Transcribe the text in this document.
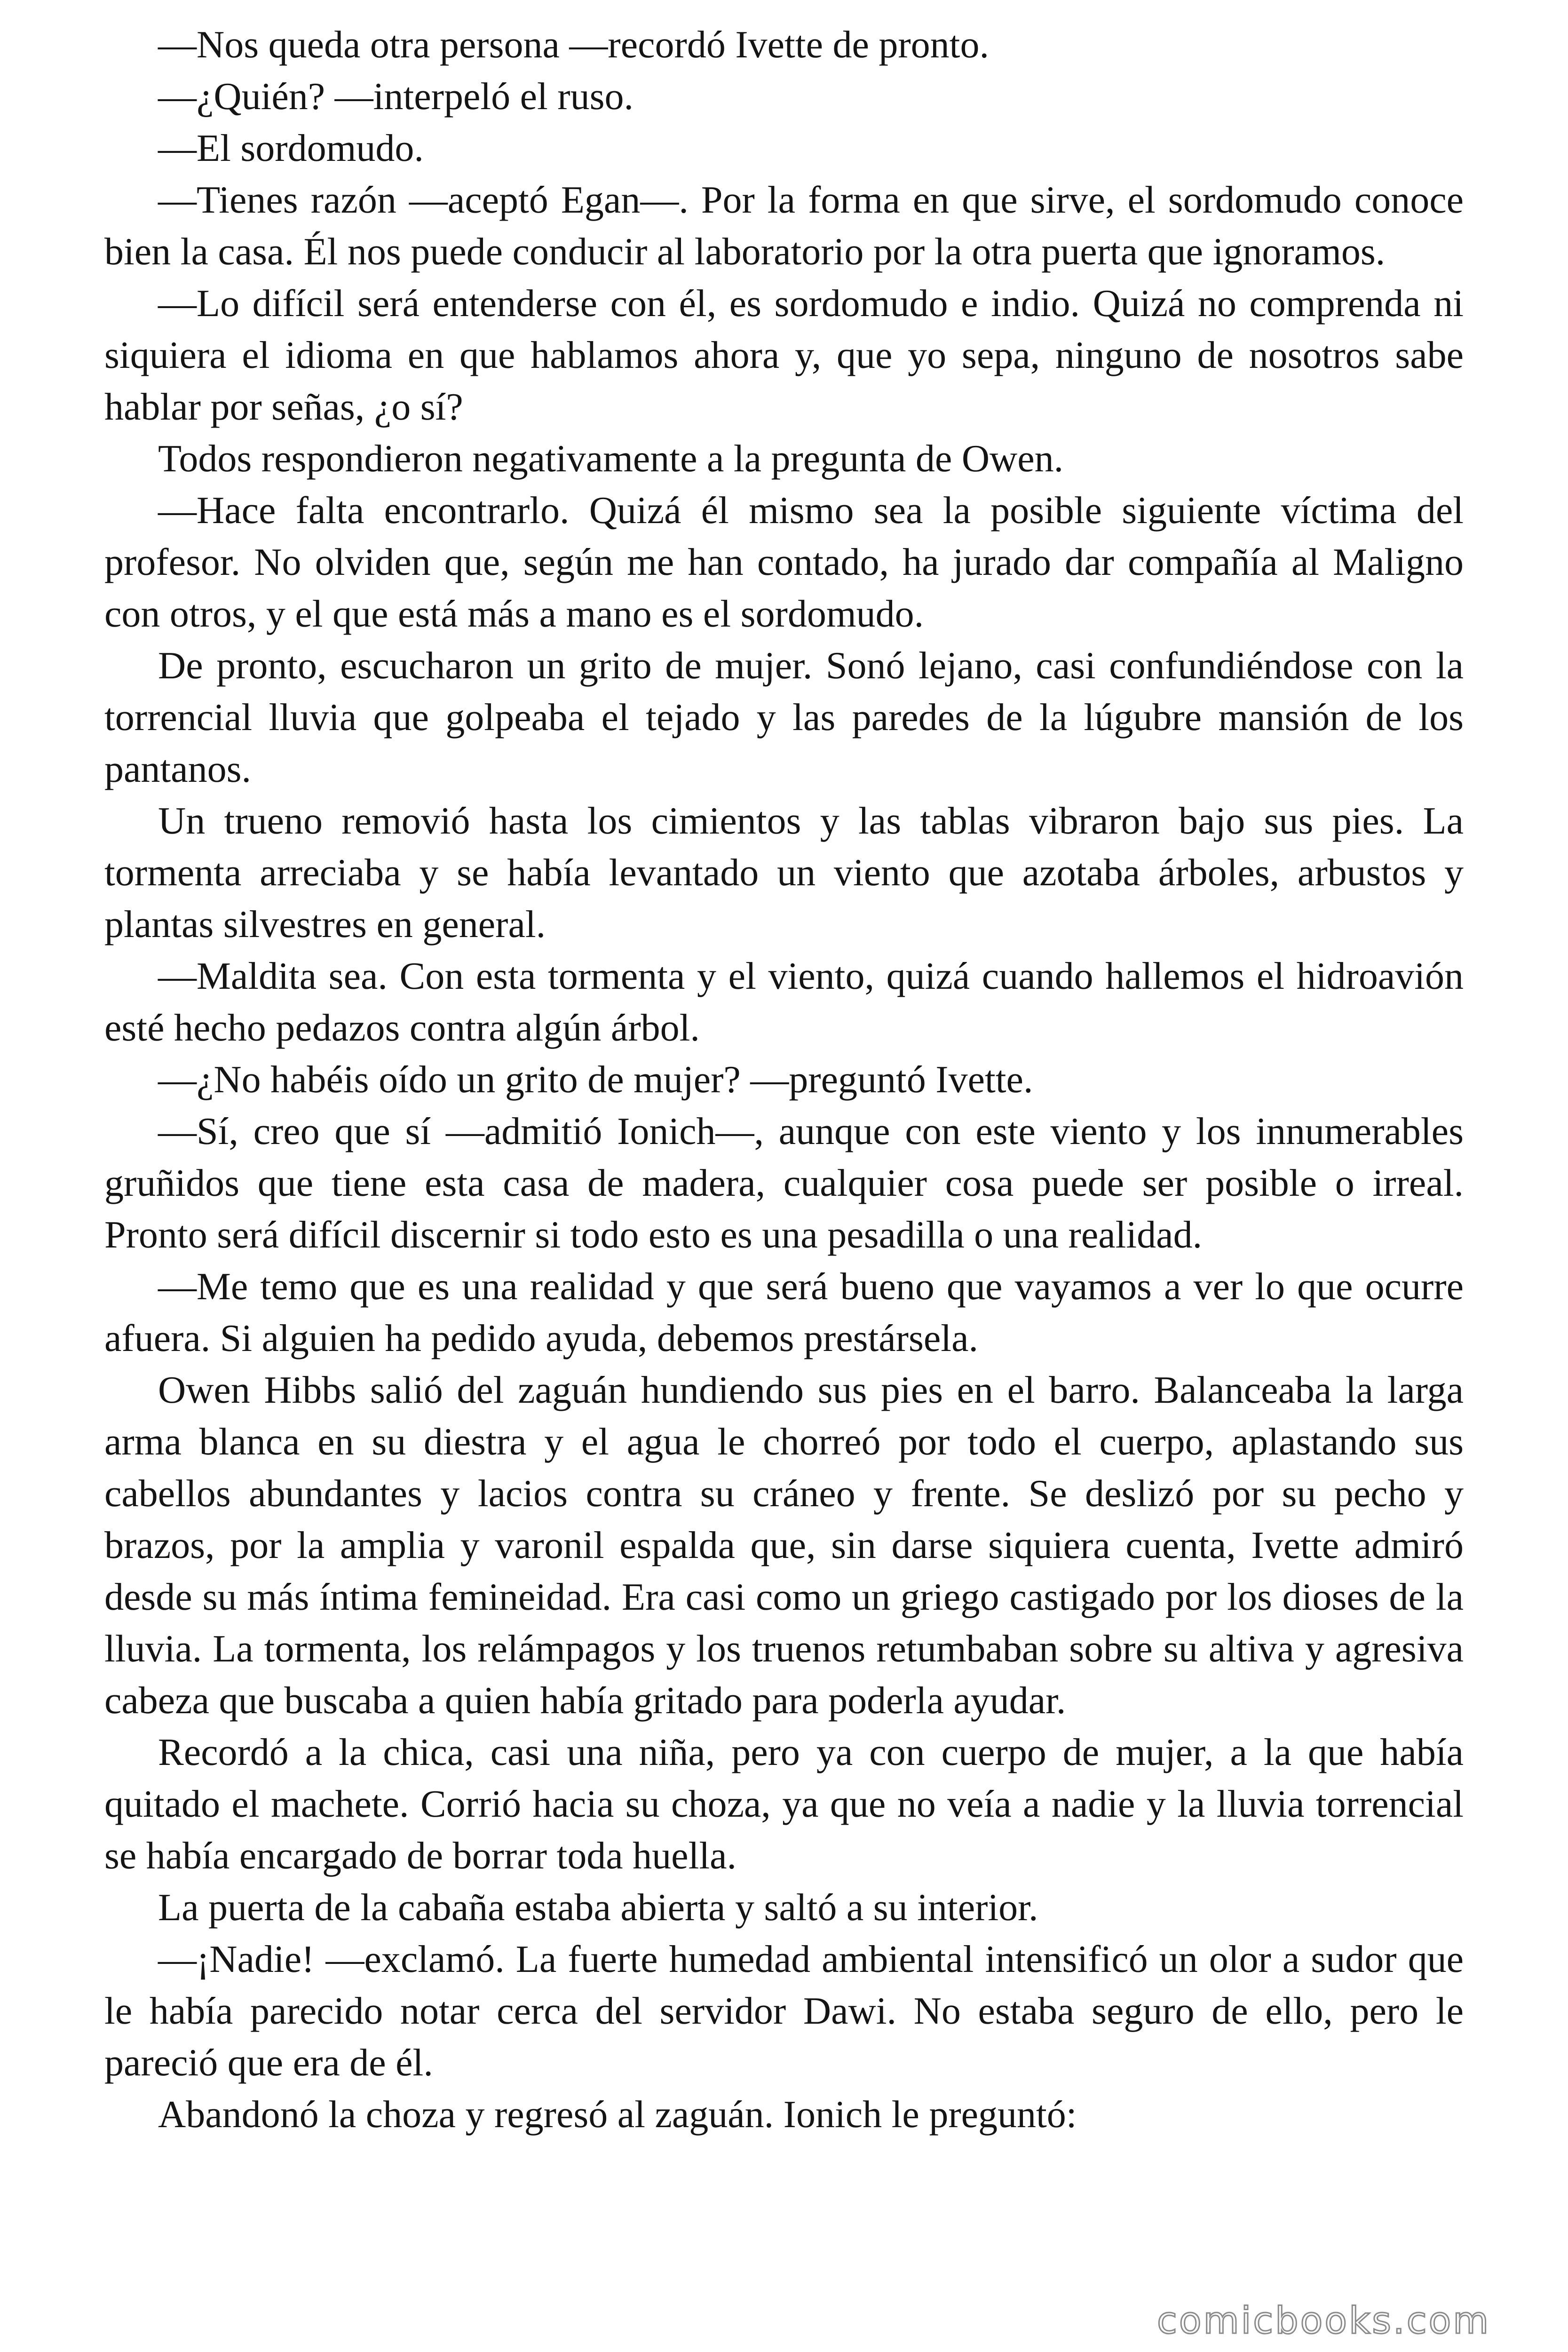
—Nos queda otra persona —recordó Ivette de pronto.

—¿Quién? —interpeló el ruso.

—El sordomudo.

—Tienes razón —aceptó Egan—. Por la forma en que sirve, el sordomudo conoce bien la casa. Él nos puede conducir al laboratorio por la otra puerta que ignoramos.

—Lo difícil será entenderse con él, es sordomudo e indio. Quizá no comprenda ni siquiera el idioma en que hablamos ahora y, que yo sepa, ninguno de nosotros sabe hablar por señas, ¿o sí?

Todos respondieron negativamente a la pregunta de Owen.

—Hace falta encontrarlo. Quizá él mismo sea la posible siguiente víctima del profesor. No olviden que, según me han contado, ha jurado dar compañía al Maligno con otros, y el que está más a mano es el sordomudo.

De pronto, escucharon un grito de mujer. Sonó lejano, casi confundiéndose con la torrencial lluvia que golpeaba el tejado y las paredes de la lúgubre mansión de los pantanos.

Un trueno removió hasta los cimientos y las tablas vibraron bajo sus pies. La tormenta arreciaba y se había levantado un viento que azotaba árboles, arbustos y plantas silvestres en general.

—Maldita sea. Con esta tormenta y el viento, quizá cuando hallemos el hidroavión esté hecho pedazos contra algún árbol.

—¿No habéis oído un grito de mujer? —preguntó Ivette.

—Sí, creo que sí —admitió Ionich—, aunque con este viento y los innumerables gruñidos que tiene esta casa de madera, cualquier cosa puede ser posible o irreal. Pronto será difícil discernir si todo esto es una pesadilla o una realidad.

—Me temo que es una realidad y que será bueno que vayamos a ver lo que ocurre afuera. Si alguien ha pedido ayuda, debemos prestársela.

Owen Hibbs salió del zaguán hundiendo sus pies en el barro. Balanceaba la larga arma blanca en su diestra y el agua le chorreó por todo el cuerpo, aplastando sus cabellos abundantes y lacios contra su cráneo y frente. Se deslizó por su pecho y brazos, por la amplia y varonil espalda que, sin darse siquiera cuenta, Ivette admiró desde su más íntima femineidad. Era casi como un griego castigado por los dioses de la lluvia. La tormenta, los relámpagos y los truenos retumbaban sobre su altiva y agresiva cabeza que buscaba a quien había gritado para poderla ayudar.

Recordó a la chica, casi una niña, pero ya con cuerpo de mujer, a la que había quitado el machete. Corrió hacia su choza, ya que no veía a nadie y la lluvia torrencial se había encargado de borrar toda huella.

La puerta de la cabaña estaba abierta y saltó a su interior.

—¡Nadie! —exclamó. La fuerte humedad ambiental intensificó un olor a sudor que le había parecido notar cerca del servidor Dawi. No estaba seguro de ello, pero le pareció que era de él.

Abandonó la choza y regresó al zaguán. Ionich le preguntó:

comicbooks.com
